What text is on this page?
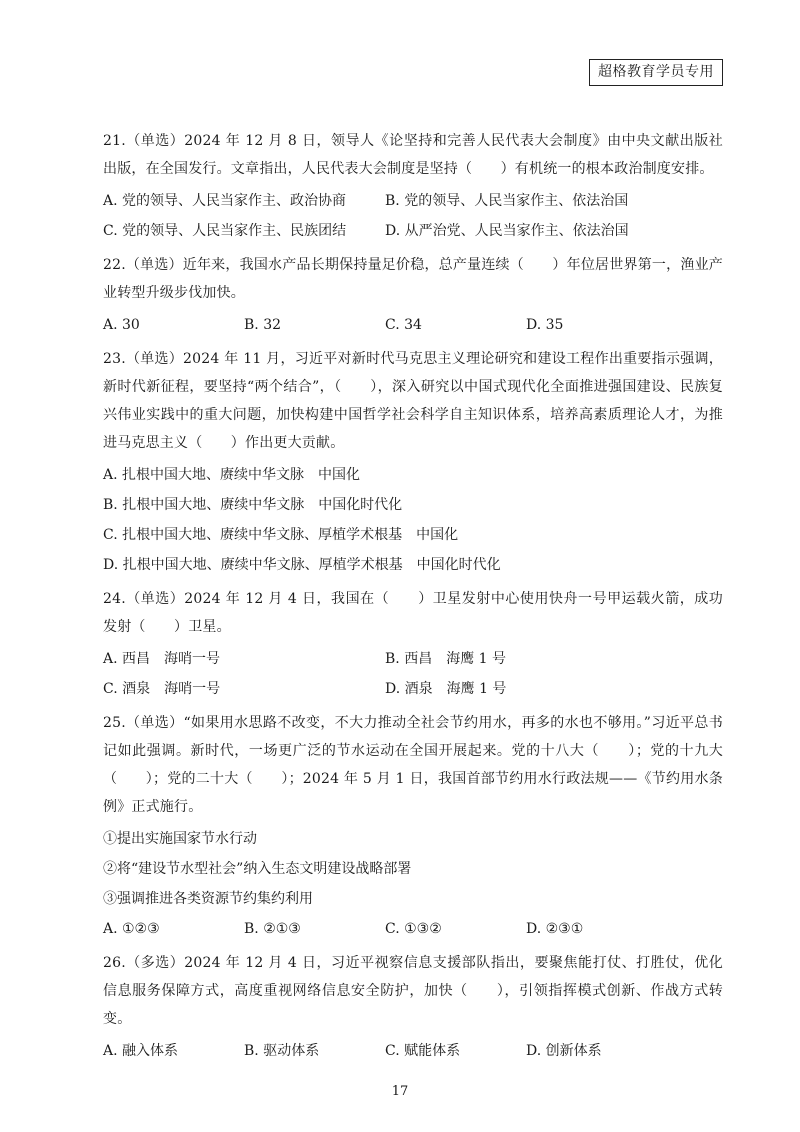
超格教育学员专用

21.（单选）2024 年 12 月 8 日，领导人《论坚持和完善人民代表大会制度》由中央文献出版社出版，在全国发行。文章指出，人民代表大会制度是坚持（　　）有机统一的根本政治制度安排。

A. 党的领导、人民当家作主、政治协商	B. 党的领导、人民当家作主、依法治国
C. 党的领导、人民当家作主、民族团结	D. 从严治党、人民当家作主、依法治国

22.（单选）近年来，我国水产品长期保持量足价稳，总产量连续（　　）年位居世界第一，渔业产业转型升级步伐加快。

A. 30	B. 32	C. 34	D. 35

23.（单选）2024 年 11 月，习近平对新时代马克思主义理论研究和建设工程作出重要指示强调，新时代新征程，要坚持“两个结合”，（　　），深入研究以中国式现代化全面推进强国建设、民族复兴伟业实践中的重大问题，加快构建中国哲学社会科学自主知识体系，培养高素质理论人才，为推进马克思主义（　　）作出更大贡献。

A. 扎根中国大地、赓续中华文脉　中国化
B. 扎根中国大地、赓续中华文脉　中国化时代化
C. 扎根中国大地、赓续中华文脉、厚植学术根基　中国化
D. 扎根中国大地、赓续中华文脉、厚植学术根基　中国化时代化

24.（单选）2024 年 12 月 4 日，我国在（　　）卫星发射中心使用快舟一号甲运载火箭，成功发射（　　）卫星。

A. 西昌　海哨一号	B. 西昌　海鹰 1 号
C. 酒泉　海哨一号	D. 酒泉　海鹰 1 号

25.（单选）“如果用水思路不改变，不大力推动全社会节约用水，再多的水也不够用。”习近平总书记如此强调。新时代，一场更广泛的节水运动在全国开展起来。党的十八大（　　）；党的十九大（　　）；党的二十大（　　）；2024 年 5 月 1 日，我国首部节约用水行政法规——《节约用水条例》正式施行。

①提出实施国家节水行动
②将“建设节水型社会”纳入生态文明建设战略部署
③强调推进各类资源节约集约利用
A. ①②③	B. ②①③	C. ①③②	D. ②③①

26.（多选）2024 年 12 月 4 日，习近平视察信息支援部队指出，要聚焦能打仗、打胜仗，优化信息服务保障方式，高度重视网络信息安全防护，加快（　　），引领指挥模式创新、作战方式转变。

A. 融入体系	B. 驱动体系	C. 赋能体系	D. 创新体系
17
